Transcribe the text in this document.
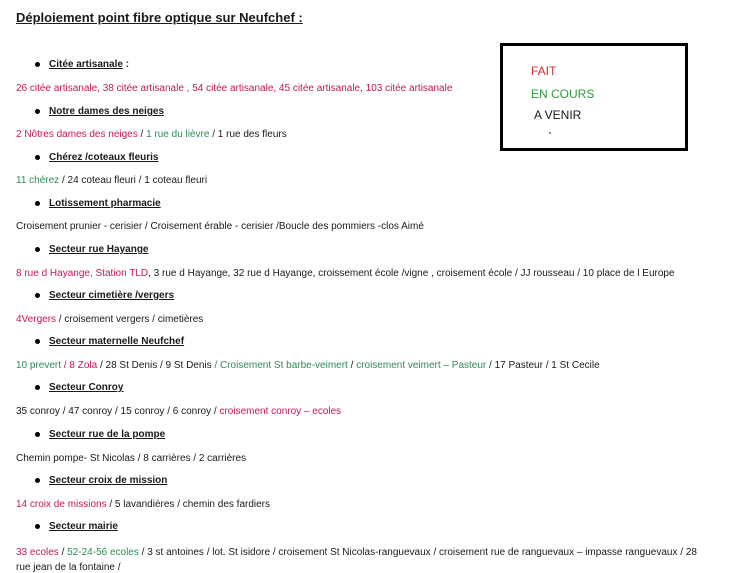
Déploiement point fibre optique sur Neufchef :
FAIT
EN COURS
A VENIR
Citée artisanale :
26 citée artisanale, 38 citée artisanale , 54 citée artisanale, 45 citée artisanale, 103 citée artisanale
Notre dames des neiges
2 Nôtres dames des neiges / 1 rue du lièvre / 1 rue des fleurs
Chérez /coteaux fleuris
11 chérez / 24 coteau fleuri / 1 coteau fleuri
Lotissement pharmacie
Croisement prunier - cerisier / Croisement érable - cerisier /Boucle des pommiers -clos Aimé
Secteur rue Hayange
8 rue d Hayange, Station TLD, 3 rue d Hayange, 32 rue d Hayange, croissement école /vigne , croisement école / JJ rousseau / 10 place de l Europe
Secteur cimetière /vergers
4Vergers / croisement vergers / cimetières
Secteur maternelle Neufchef
10 prevert / 8 Zola / 28 St Denis / 9 St Denis / Croisement St barbe-veimert / croisement veimert – Pasteur / 17 Pasteur / 1 St Cecile
Secteur Conroy
35 conroy / 47 conroy / 15 conroy / 6 conroy / croisement conroy – ecoles
Secteur rue de la pompe
Chemin pompe- St Nicolas / 8 carrières / 2 carrières
Secteur croix de mission
14 croix de missions / 5 lavandières / chemin des fardiers
Secteur mairie
33 ecoles / 52-24-56 ecoles / 3 st antoines / lot. St isidore / croisement St Nicolas-ranguevaux / croisement rue de ranguevaux – impasse ranguevaux / 28
rue jean de la fontaine /
